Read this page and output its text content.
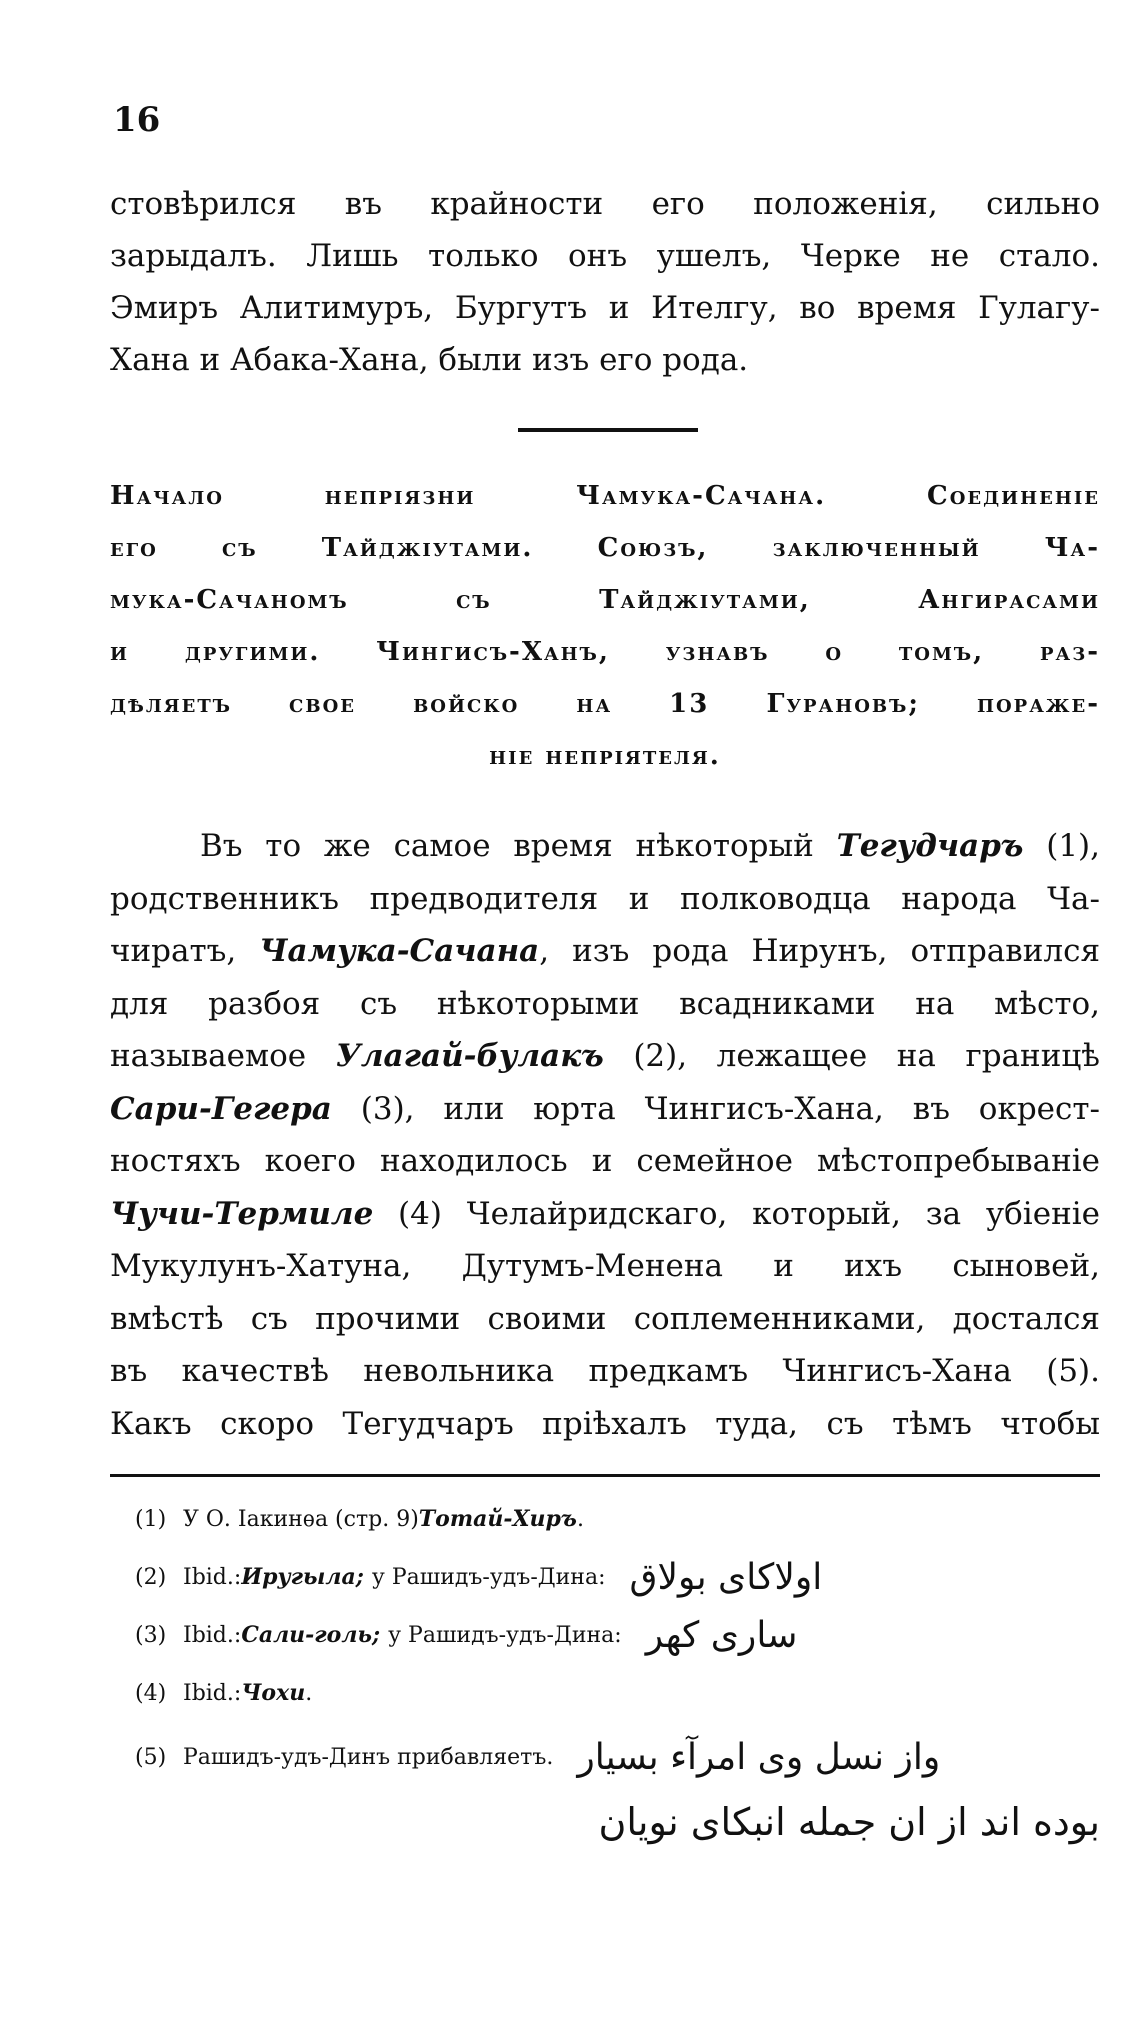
16
стовѣрился въ крайности его положенія, сильно
зарыдалъ. Лишь только онъ ушелъ, Черке не стало.
Эмиръ Алитимуръ, Бургутъ и Ителгу, во время Гулагу-
Хана и Абака-Хана, были изъ его рода.
Начало непріязни Чамука-Сачана. Соединеніе
его съ Тайджіутами. Союзъ, заключенный Ча-
мука-Сачаномъ съ Тайджіутами, Ангирасами
и другими. Чингисъ-Ханъ, узнавъ о томъ, раз-
дѣляетъ свое войско на 13 Гурановъ; пораже-
ніе непріятеля.
Въ то же самое время нѣкоторый Тегудчаръ (1),
родственникъ предводителя и полководца народа Ча-
чиратъ, Чамука-Сачана, изъ рода Нирунъ, отправился
для разбоя съ нѣкоторыми всадниками на мѣсто,
называемое Улагай-булакъ (2), лежащее на границѣ
Сари-Гегера (3), или юрта Чингисъ-Хана, въ окрест-
ностяхъ коего находилось и семейное мѣстопребываніе
Чучи-Термиле (4) Челайридскаго, который, за убіеніе
Мукулунъ-Хатуна, Дутумъ-Менена и ихъ сыновей,
вмѣстѣ съ прочими своими соплеменниками, достался
въ качествѣ невольника предкамъ Чингисъ-Хана (5).
Какъ скоро Тегудчаръ пріѣхалъ туда, съ тѣмъ чтобы
(1) У О. Іакинѳа (стр. 9) Тотай-Хиръ .
(2) Ibid.: Иругыла; у Рашидъ-удъ-Дина: اولاكاى بولاق
(3) Ibid.: Сали-голь; у Рашидъ-удъ-Дина: سارى كهر
(4) Ibid.: Чохи .
(5) Рашидъ-удъ-Динъ прибавляетъ. واز نسل وى امرآء بسيار
بوده اند از ان جمله انبكاى نويان
